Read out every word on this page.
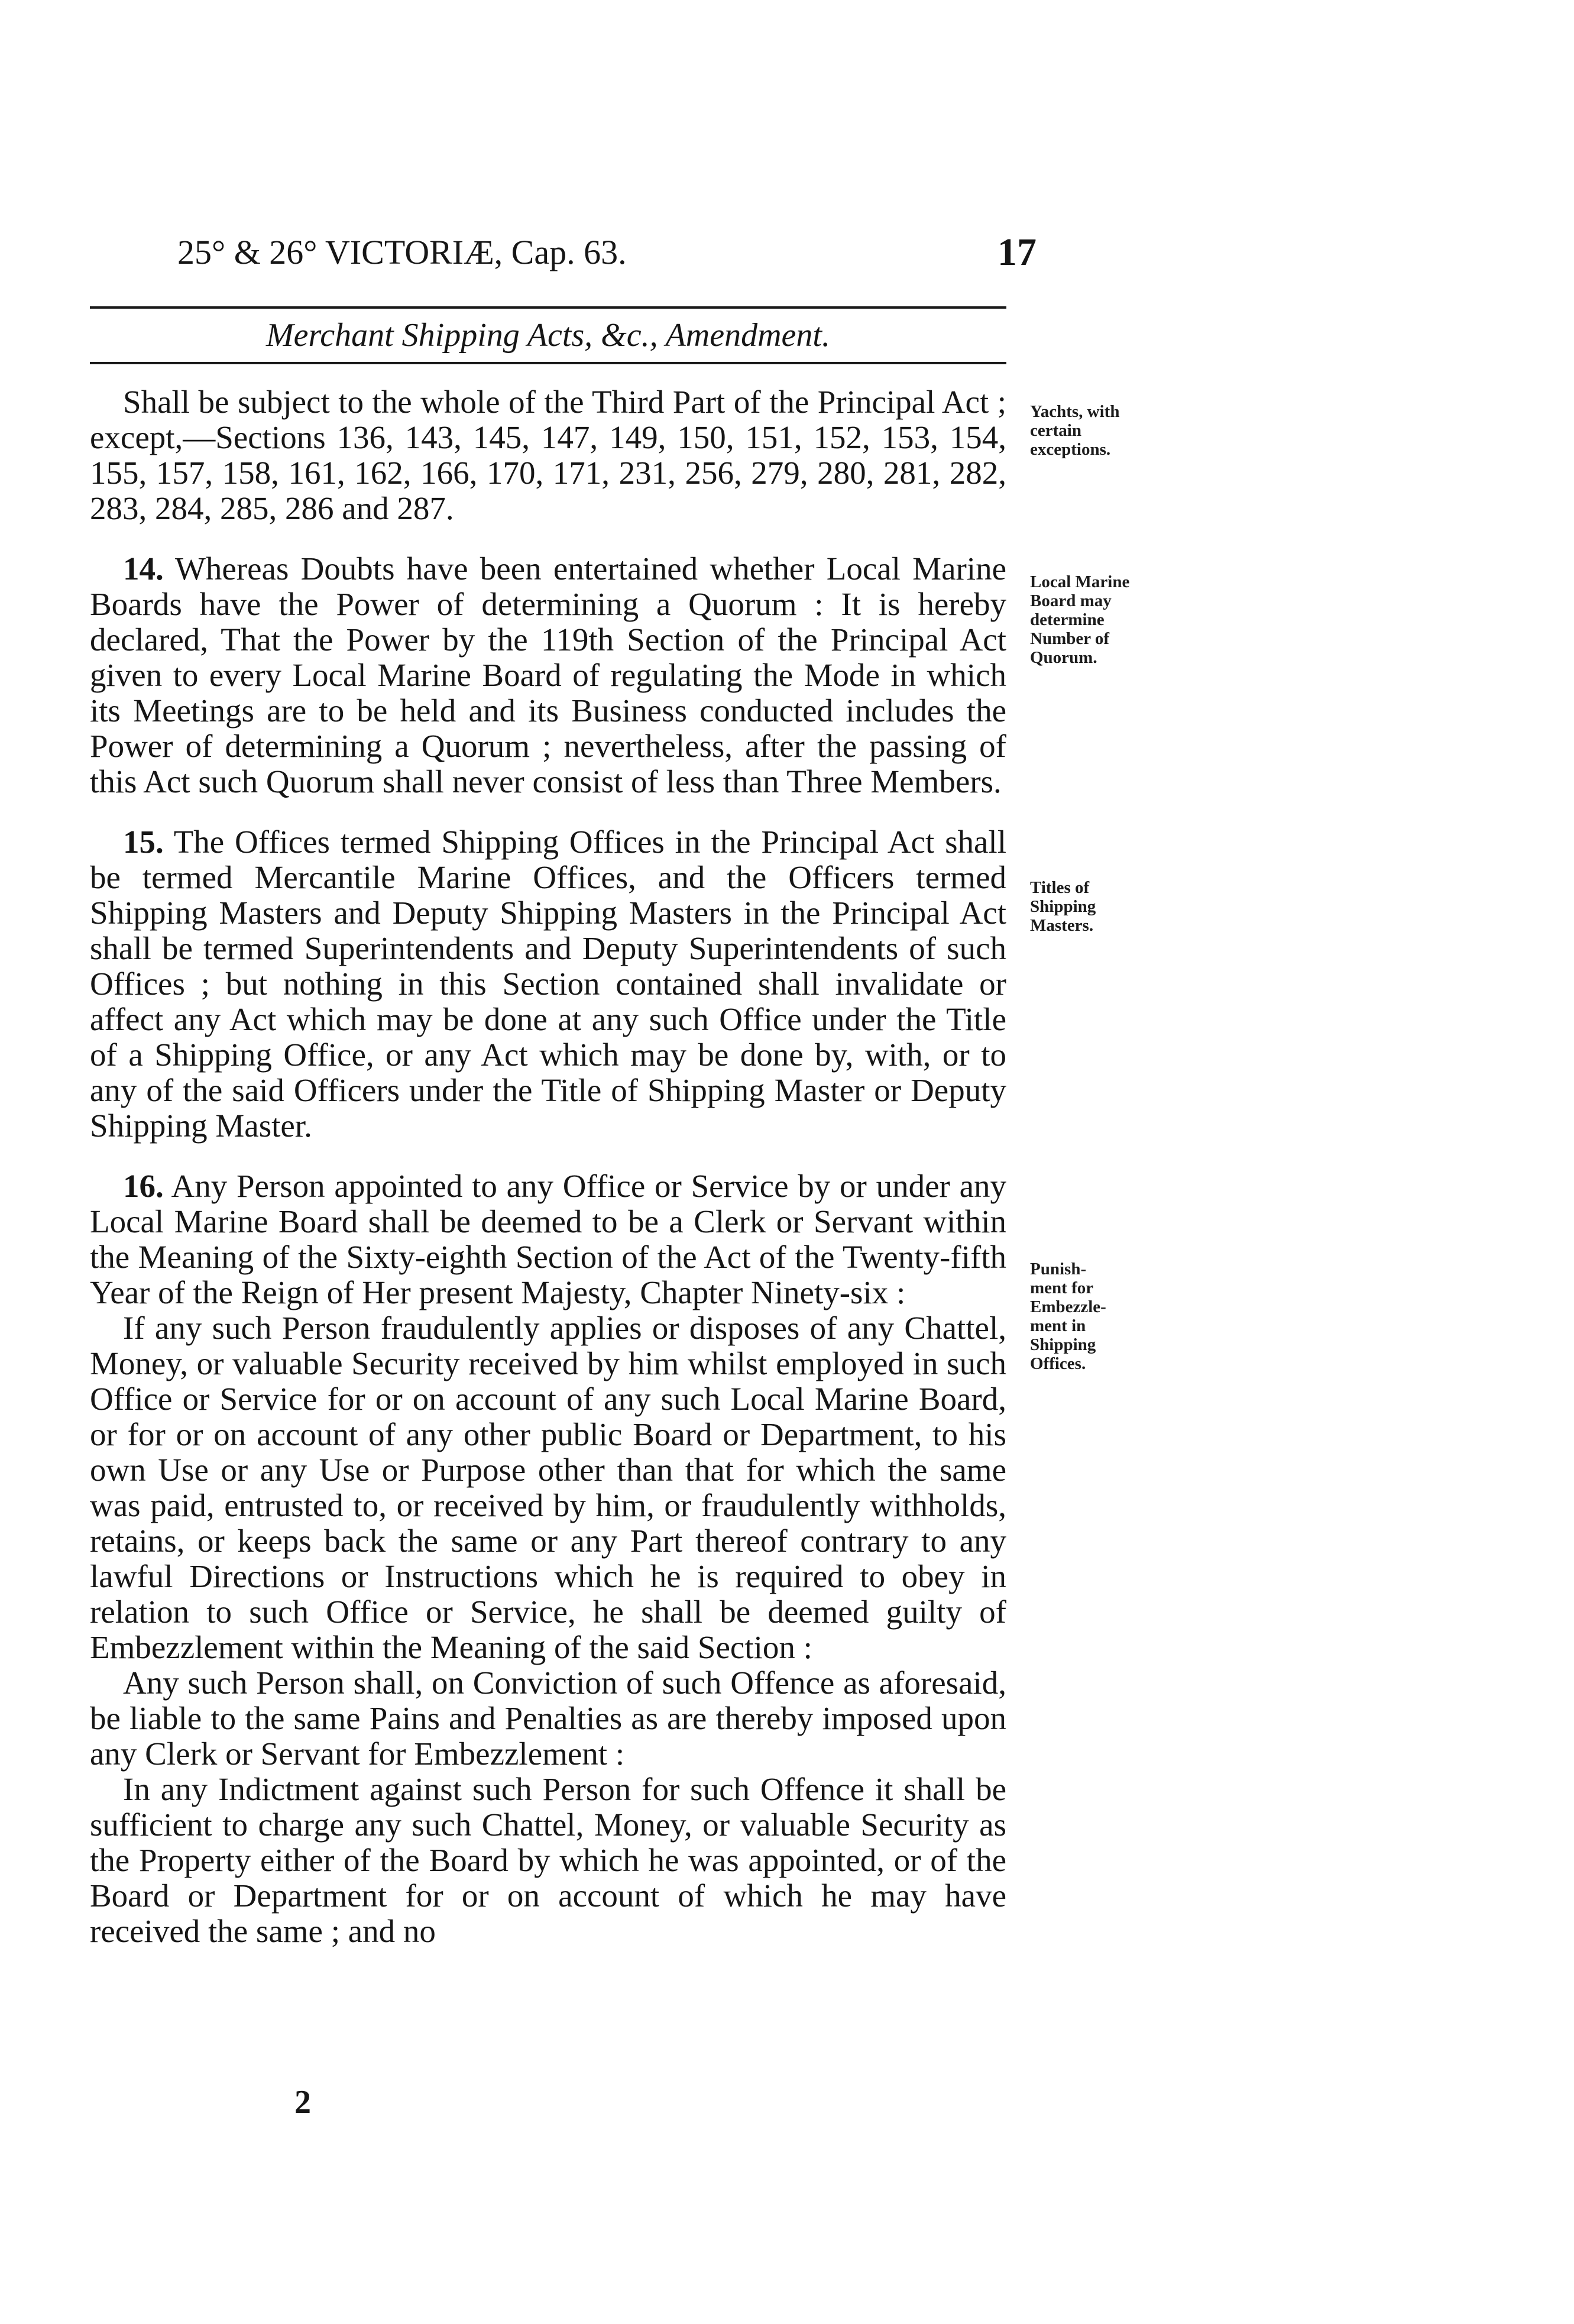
25° & 26° VICTORIÆ, Cap. 63.	17
Merchant Shipping Acts, &c., Amendment.

Shall be subject to the whole of the Third Part of the Principal Act ; except,—Sections 136, 143, 145, 147, 149, 150, 151, 152, 153, 154, 155, 157, 158, 161, 162, 166, 170, 171, 231, 256, 279, 280, 281, 282, 283, 284, 285, 286 and 287.

14. Whereas Doubts have been entertained whether Local Marine Boards have the Power of determining a Quorum : It is hereby declared, That the Power by the 119th Section of the Principal Act given to every Local Marine Board of regulating the Mode in which its Meetings are to be held and its Business conducted includes the Power of determining a Quorum ; nevertheless, after the passing of this Act such Quorum shall never consist of less than Three Members.

15. The Offices termed Shipping Offices in the Principal Act shall be termed Mercantile Marine Offices, and the Officers termed Shipping Masters and Deputy Shipping Masters in the Principal Act shall be termed Superintendents and Deputy Superintendents of such Offices ; but nothing in this Section contained shall invalidate or affect any Act which may be done at any such Office under the Title of a Shipping Office, or any Act which may be done by, with, or to any of the said Officers under the Title of Shipping Master or Deputy Shipping Master.

16. Any Person appointed to any Office or Service by or under any Local Marine Board shall be deemed to be a Clerk or Servant within the Meaning of the Sixty-eighth Section of the Act of the Twenty-fifth Year of the Reign of Her present Majesty, Chapter Ninety-six :

If any such Person fraudulently applies or disposes of any Chattel, Money, or valuable Security received by him whilst employed in such Office or Service for or on account of any such Local Marine Board, or for or on account of any other public Board or Department, to his own Use or any Use or Purpose other than that for which the same was paid, entrusted to, or received by him, or fraudulently withholds, retains, or keeps back the same or any Part thereof contrary to any lawful Directions or Instructions which he is required to obey in relation to such Office or Service, he shall be deemed guilty of Embezzlement within the Meaning of the said Section :

Any such Person shall, on Conviction of such Offence as aforesaid, be liable to the same Pains and Penalties as are thereby imposed upon any Clerk or Servant for Embezzlement :

In any Indictment against such Person for such Offence it shall be sufficient to charge any such Chattel, Money, or valuable Security as the Property either of the Board by which he was appointed, or of the Board or Department for or on account of which he may have received the same ; and no

Yachts, with
certain
exceptions.
Local Marine
Board may
determine
Number of
Quorum.
Titles of
Shipping
Masters.
Punish-
ment for
Embezzle-
ment in
Shipping
Offices.
2
